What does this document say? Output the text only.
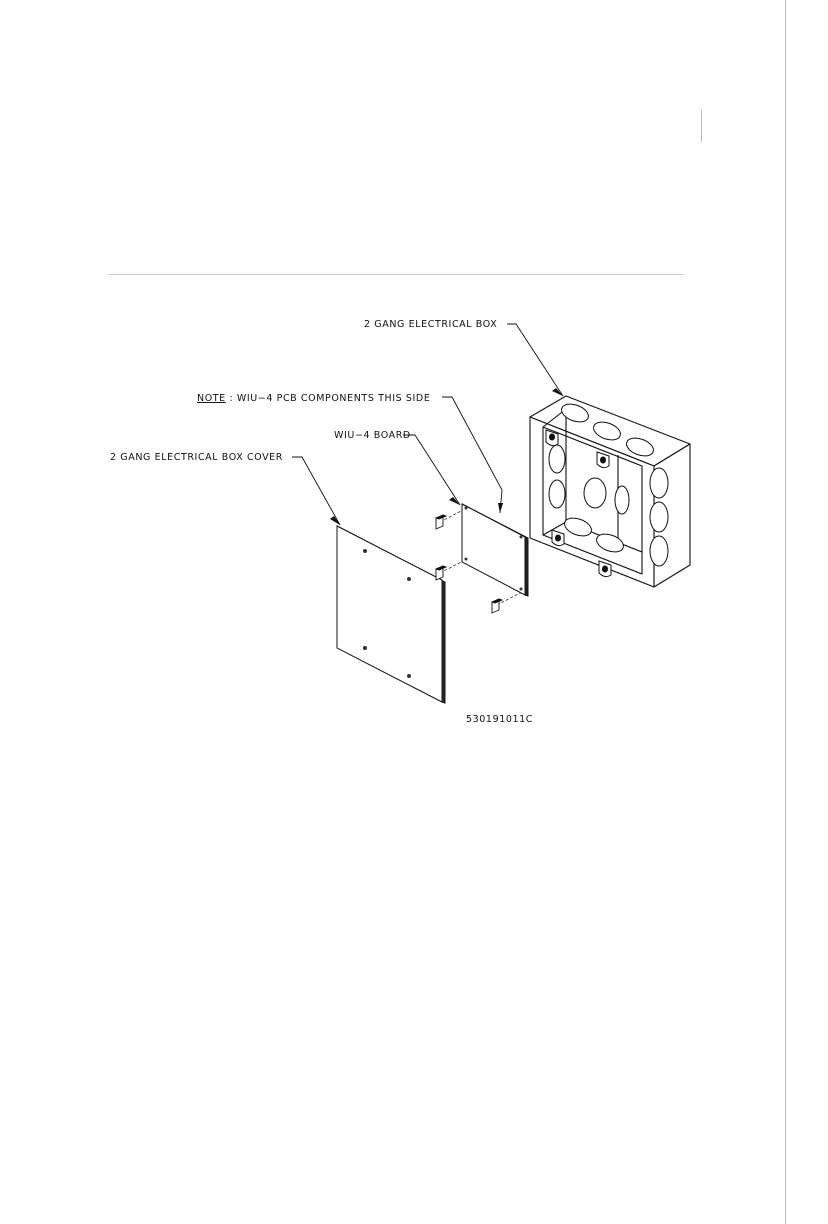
2 GANG ELECTRICAL BOX
NOTE : WIU−4 PCB COMPONENTS THIS SIDE
WIU−4 BOARD
2 GANG ELECTRICAL BOX COVER
530191011C
